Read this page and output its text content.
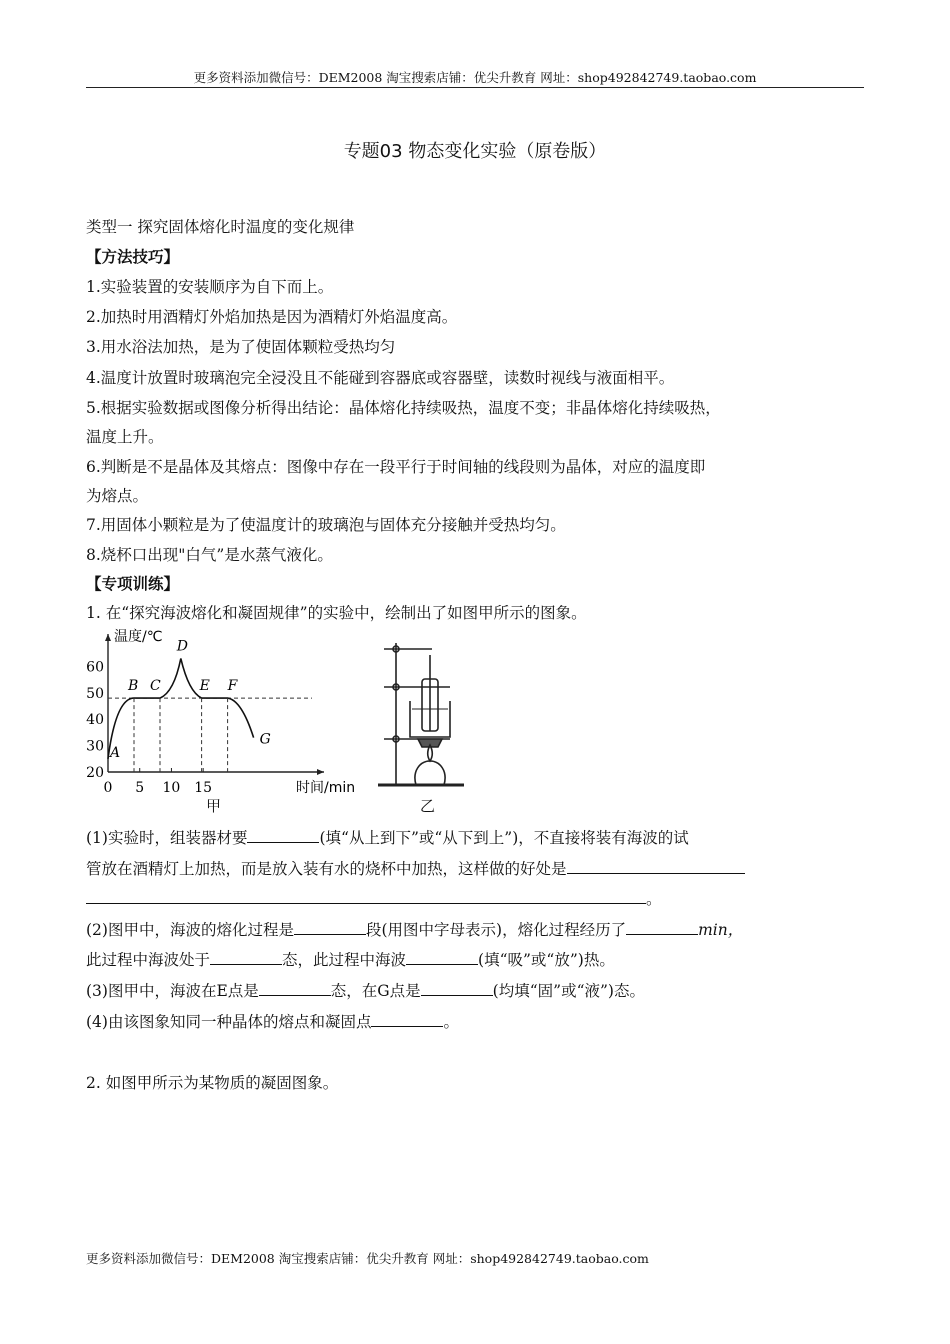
更多资料添加微信号：DEM2008 淘宝搜索店铺：优尖升教育 网址：shop492842749.taobao.com
专题03 物态变化实验（原卷版）
类型一 探究固体熔化时温度的变化规律
【方法技巧】
1.实验装置的安装顺序为自下而上。
2.加热时用酒精灯外焰加热是因为酒精灯外焰温度高。
3.用水浴法加热，是为了使固体颗粒受热均匀
4.温度计放置时玻璃泡完全浸没且不能碰到容器底或容器壁，读数时视线与液面相平。
5.根据实验数据或图像分析得出结论：晶体熔化持续吸热，温度不变；非晶体熔化持续吸热，
温度上升。
6.判断是不是晶体及其熔点：图像中存在一段平行于时间轴的线段则为晶体，对应的温度即
为熔点。
7.用固体小颗粒是为了使温度计的玻璃泡与固体充分接触并受热均匀。
8.烧杯口出现"白气”是水蒸气液化。
【专项训练】
1. 在“探究海波熔化和凝固规律”的实验中，绘制出了如图甲所示的图象。
温度/℃
时间/min
20
30
40
50
60
0 5 10 15
A
B C
D
E F
G
甲	乙
(1)实验时，组装器材要	(填“从上到下”或“从下到上”)，不直接将装有海波的试
管放在酒精灯上加热，而是放入装有水的烧杯中加热，这样做的好处是
。
(2)图甲中，海波的熔化过程是	段(用图中字母表示)，熔化过程经历了	min，
此过程中海波处于	态，此过程中海波	(填“吸”或“放”)热。
(3)图甲中，海波在E点是	态，在G点是	(均填“固”或“液”)态。
(4)由该图象知同一种晶体的熔点和凝固点	。
2. 如图甲所示为某物质的凝固图象。
更多资料添加微信号：DEM2008 淘宝搜索店铺：优尖升教育 网址：shop492842749.taobao.com
